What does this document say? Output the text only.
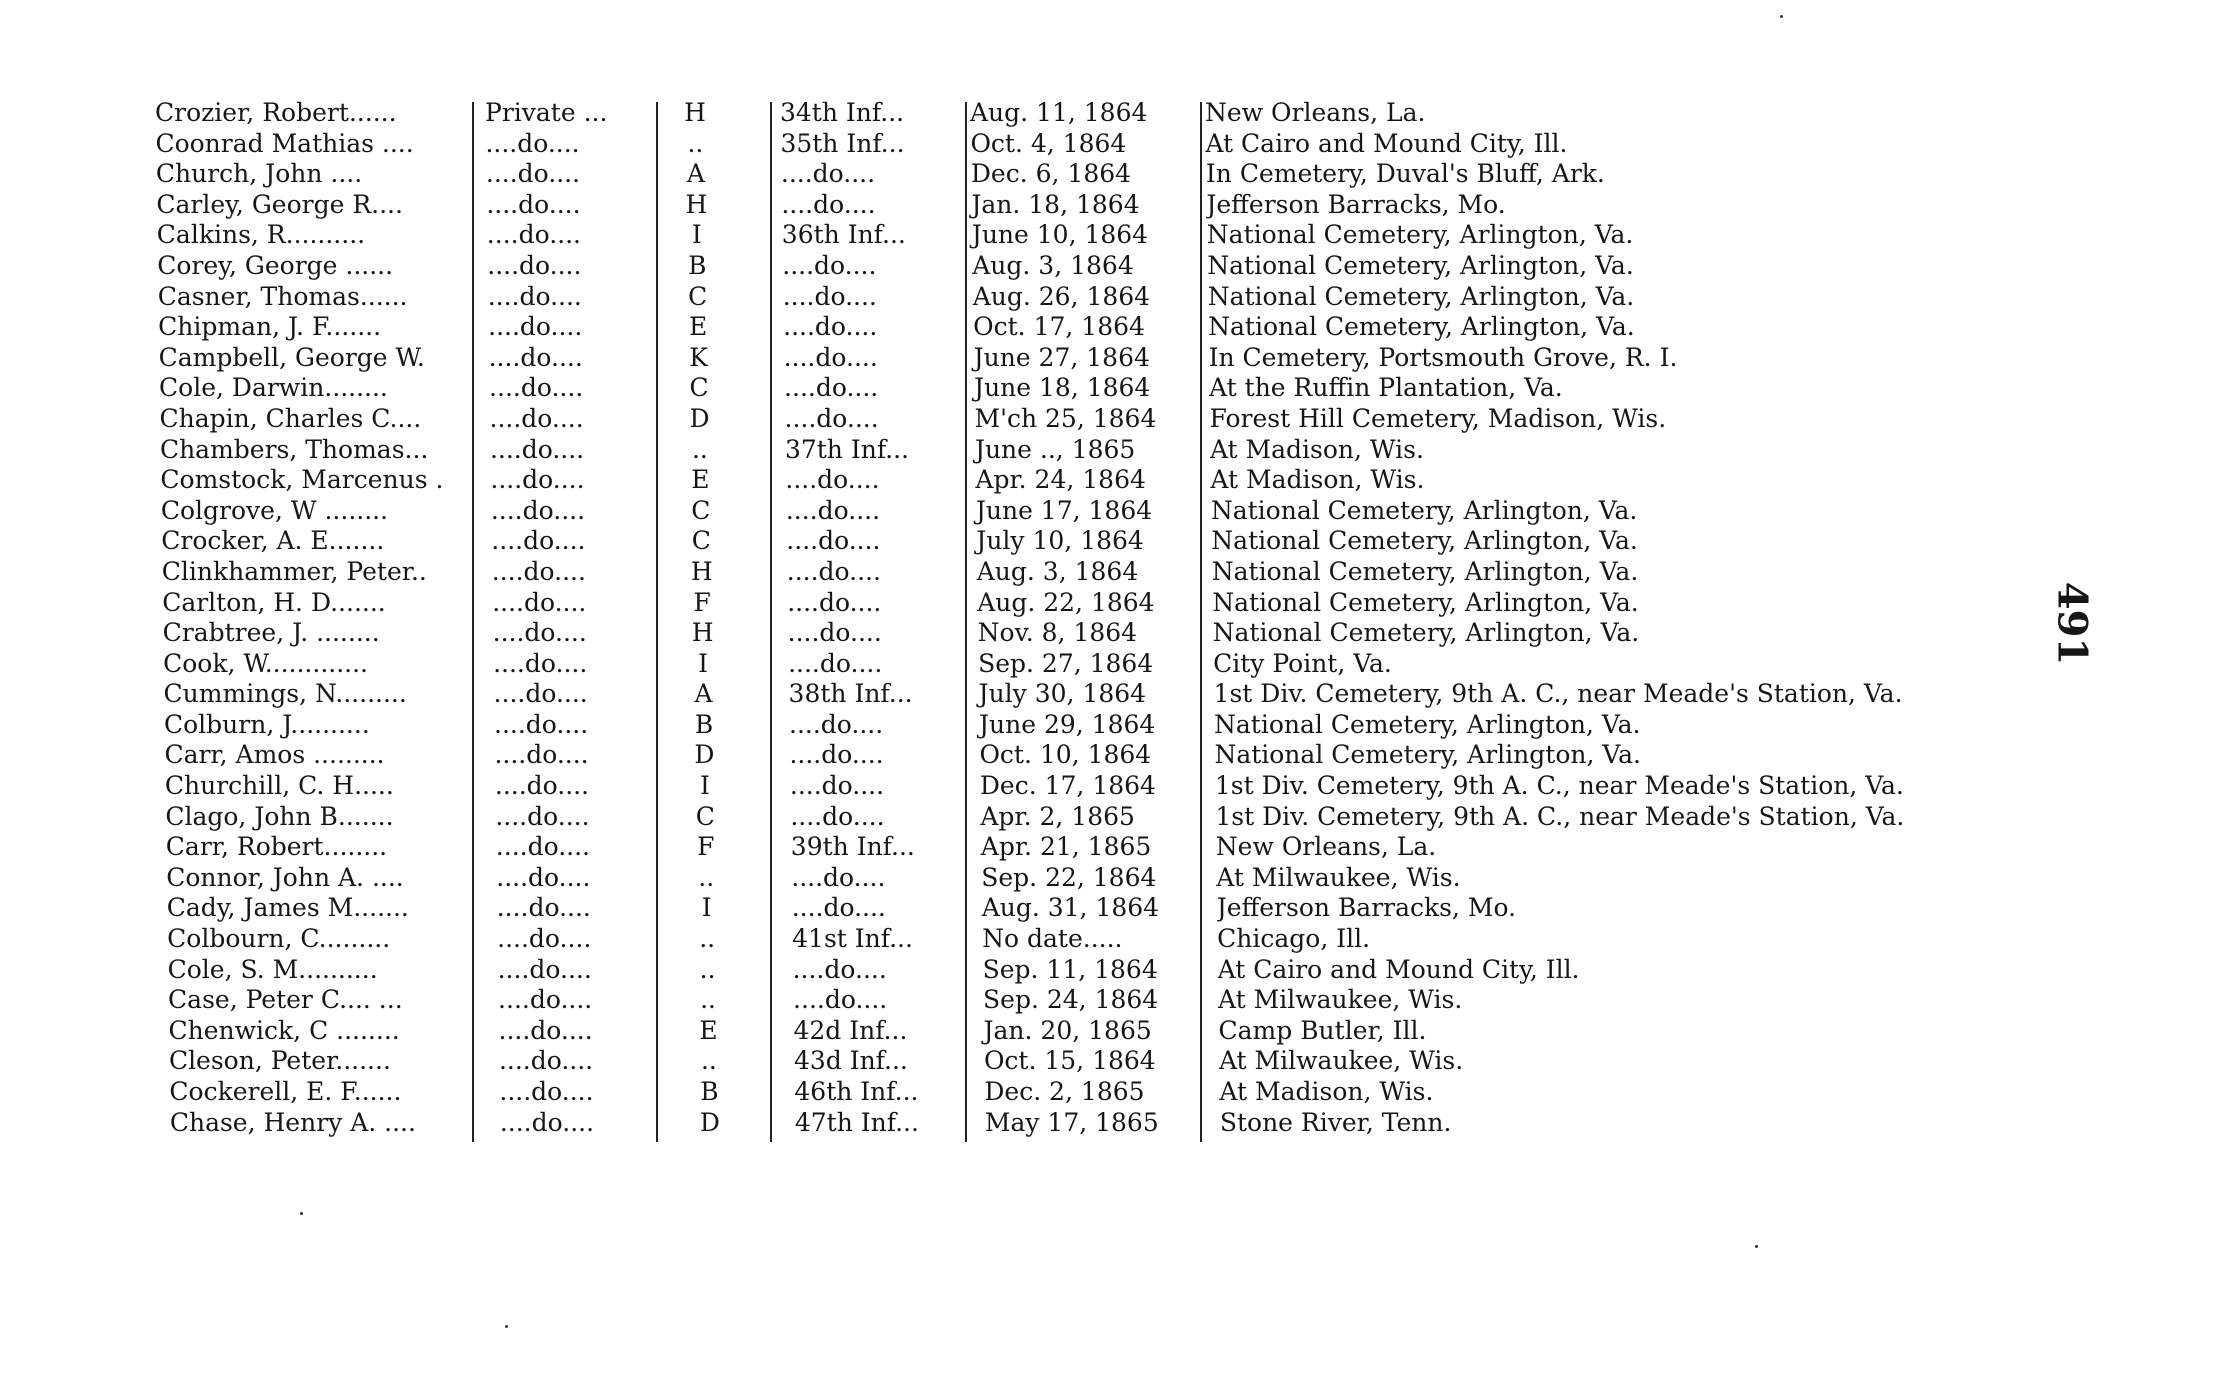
Crozier, Robert......	Private ...	H	34th Inf...	Aug. 11, 1864	New Orleans, La.
Coonrad Mathias ....	....do....	..	35th Inf...	Oct. 4, 1864	At Cairo and Mound City, Ill.
Church, John ....	....do....	A	....do....	Dec. 6, 1864	In Cemetery, Duval's Bluff, Ark.
Carley, George R....	....do....	H	....do....	Jan. 18, 1864	Jefferson Barracks, Mo.
Calkins, R..........	....do....	I	36th Inf...	June 10, 1864	National Cemetery, Arlington, Va.
Corey, George ......	....do....	B	....do....	Aug. 3, 1864	National Cemetery, Arlington, Va.
Casner, Thomas......	....do....	C	....do....	Aug. 26, 1864	National Cemetery, Arlington, Va.
Chipman, J. F.......	....do....	E	....do....	Oct. 17, 1864	National Cemetery, Arlington, Va.
Campbell, George W.	....do....	K	....do....	June 27, 1864	In Cemetery, Portsmouth Grove, R. I.
Cole, Darwin........	....do....	C	....do....	June 18, 1864	At the Ruffin Plantation, Va.
Chapin, Charles C....	....do....	D	....do....	M'ch 25, 1864	Forest Hill Cemetery, Madison, Wis.
Chambers, Thomas...	....do....	..	37th Inf...	June .., 1865	At Madison, Wis.
Comstock, Marcenus .	....do....	E	....do....	Apr. 24, 1864	At Madison, Wis.
Colgrove, W ........	....do....	C	....do....	June 17, 1864	National Cemetery, Arlington, Va.
Crocker, A. E.......	....do....	C	....do....	July 10, 1864	National Cemetery, Arlington, Va.
Clinkhammer, Peter..	....do....	H	....do....	Aug. 3, 1864	National Cemetery, Arlington, Va.
Carlton, H. D.......	....do....	F	....do....	Aug. 22, 1864	National Cemetery, Arlington, Va.
Crabtree, J. ........	....do....	H	....do....	Nov. 8, 1864	National Cemetery, Arlington, Va.
Cook, W.............	....do....	I	....do....	Sep. 27, 1864	City Point, Va.
Cummings, N.........	....do....	A	38th Inf...	July 30, 1864	1st Div. Cemetery, 9th A. C., near Meade's Station, Va.
Colburn, J..........	....do....	B	....do....	June 29, 1864	National Cemetery, Arlington, Va.
Carr, Amos .........	....do....	D	....do....	Oct. 10, 1864	National Cemetery, Arlington, Va.
Churchill, C. H.....	....do....	I	....do....	Dec. 17, 1864	1st Div. Cemetery, 9th A. C., near Meade's Station, Va.
Clago, John B.......	....do....	C	....do....	Apr. 2, 1865	1st Div. Cemetery, 9th A. C., near Meade's Station, Va.
Carr, Robert........	....do....	F	39th Inf...	Apr. 21, 1865	New Orleans, La.
Connor, John A. ....	....do....	..	....do....	Sep. 22, 1864	At Milwaukee, Wis.
Cady, James M.......	....do....	I	....do....	Aug. 31, 1864	Jefferson Barracks, Mo.
Colbourn, C.........	....do....	..	41st Inf...	No date.....	Chicago, Ill.
Cole, S. M..........	....do....	..	....do....	Sep. 11, 1864	At Cairo and Mound City, Ill.
Case, Peter C.... ...	....do....	..	....do....	Sep. 24, 1864	At Milwaukee, Wis.
Chenwick, C ........	....do....	E	42d Inf...	Jan. 20, 1865	Camp Butler, Ill.
Cleson, Peter.......	....do....	..	43d Inf...	Oct. 15, 1864	At Milwaukee, Wis.
Cockerell, E. F......	....do....	B	46th Inf...	Dec. 2, 1865	At Madison, Wis.
Chase, Henry A. ....	....do....	D	47th Inf...	May 17, 1865	Stone River, Tenn.
491
